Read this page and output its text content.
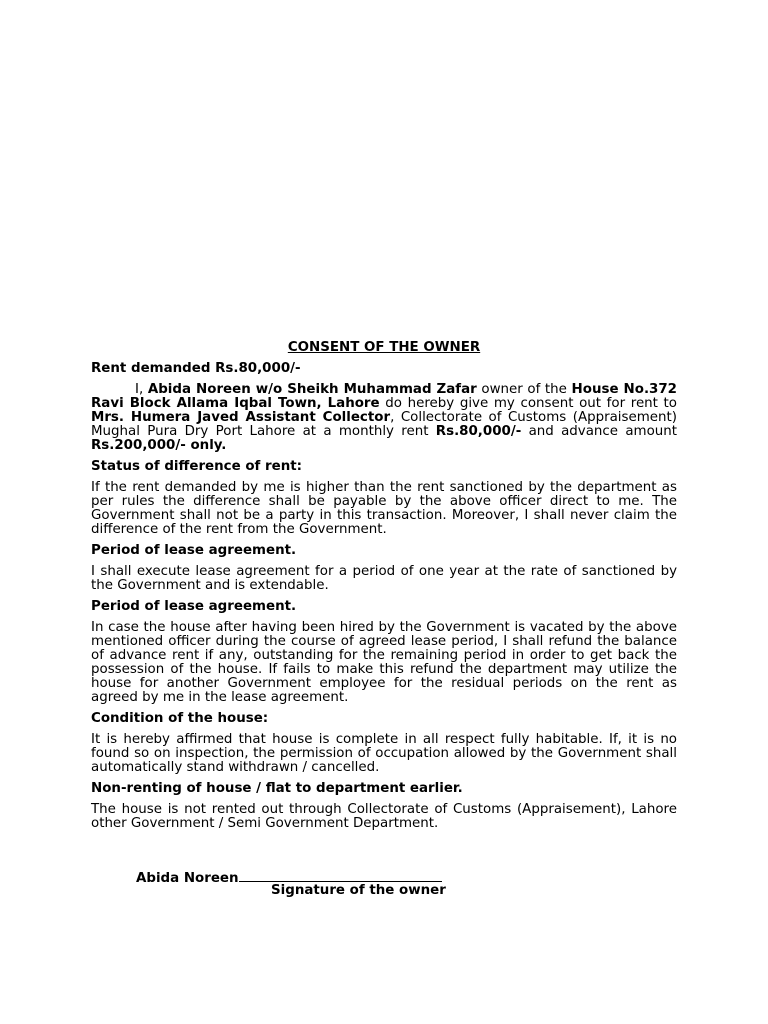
CONSENT OF THE OWNER
Rent demanded Rs.80,000/-
I, Abida Noreen w/o Sheikh Muhammad Zafar owner of the House No.372 Ravi Block Allama Iqbal Town, Lahore do hereby give my consent out for rent to Mrs. Humera Javed Assistant Collector, Collectorate of Customs (Appraisement) Mughal Pura Dry Port Lahore at a monthly rent Rs.80,000/- and advance amount Rs.200,000/- only.
Status of difference of rent:
If the rent demanded by me is higher than the rent sanctioned by the department as per rules the difference shall be payable by the above officer direct to me. The Government shall not be a party in this transaction. Moreover, I shall never claim the difference of the rent from the Government.
Period of lease agreement.
I shall execute lease agreement for a period of one year at the rate of sanctioned by the Government and is extendable.
Period of lease agreement.
In case the house after having been hired by the Government is vacated by the above mentioned officer during the course of agreed lease period, I shall refund the balance of advance rent if any, outstanding for the remaining period in order to get back the possession of the house. If fails to make this refund the department may utilize the house for another Government employee for the residual periods on the rent as agreed by me in the lease agreement.
Condition of the house:
It is hereby affirmed that house is complete in all respect fully habitable. If, it is no found so on inspection, the permission of occupation allowed by the Government shall automatically stand withdrawn / cancelled.
Non-renting of house / flat to department earlier.
The house is not rented out through Collectorate of Customs (Appraisement), Lahore other Government / Semi Government Department.
Abida Noreen
Signature of the owner
